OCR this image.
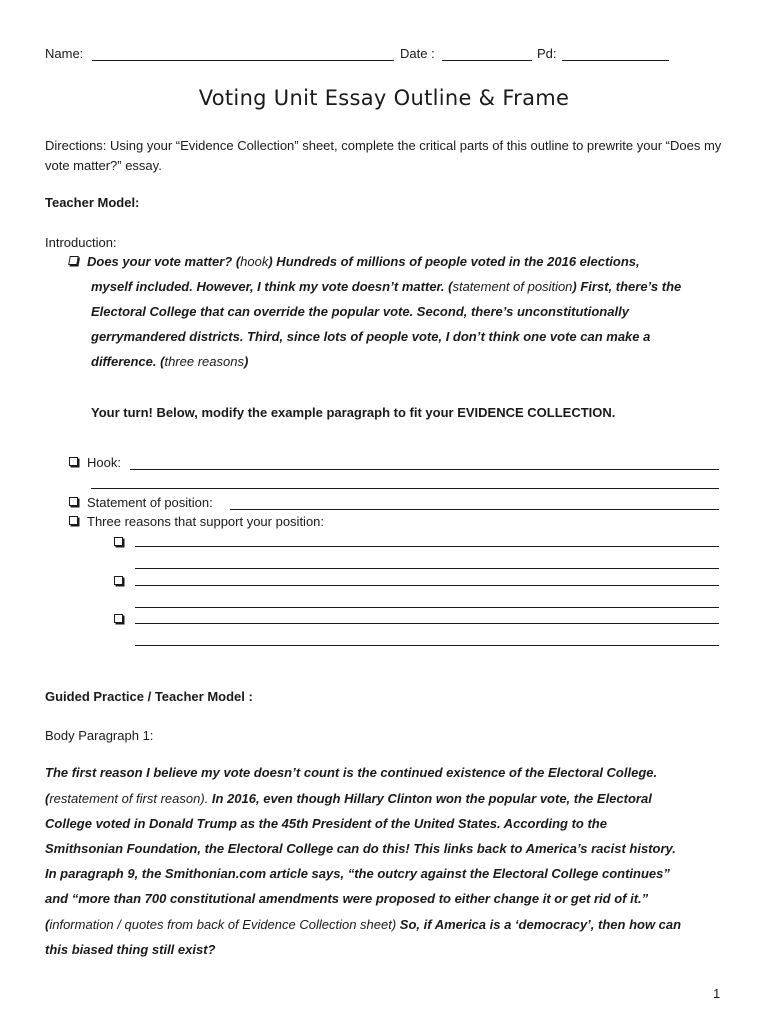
Name:	Date :	Pd:
Voting Unit Essay Outline & Frame
Directions: Using your “Evidence Collection” sheet, complete the critical parts of this outline to prewrite your “Does my vote matter?” essay.
Teacher Model:
Introduction:
Does your vote matter? (hook) Hundreds of millions of people voted in the 2016 elections,
myself included. However, I think my vote doesn’t matter. (statement of position) First, there’s the
Electoral College that can override the popular vote. Second, there’s unconstitutionally
gerrymandered districts. Third, since lots of people vote, I don’t think one vote can make a
difference. (three reasons)
Your turn! Below, modify the example paragraph to fit your EVIDENCE COLLECTION.
Hook:
Statement of position:
Three reasons that support your position:
Guided Practice / Teacher Model :
Body Paragraph 1:
The first reason I believe my vote doesn’t count is the continued existence of the Electoral College.
(restatement of first reason). In 2016, even though Hillary Clinton won the popular vote, the Electoral
College voted in Donald Trump as the 45th President of the United States. According to the
Smithsonian Foundation, the Electoral College can do this! This links back to America’s racist history.
In paragraph 9, the Smithonian.com article says, “the outcry against the Electoral College continues”
and “more than 700 constitutional amendments were proposed to either change it or get rid of it.”
(information / quotes from back of Evidence Collection sheet) So, if America is a ‘democracy’, then how can
this biased thing still exist?
1
